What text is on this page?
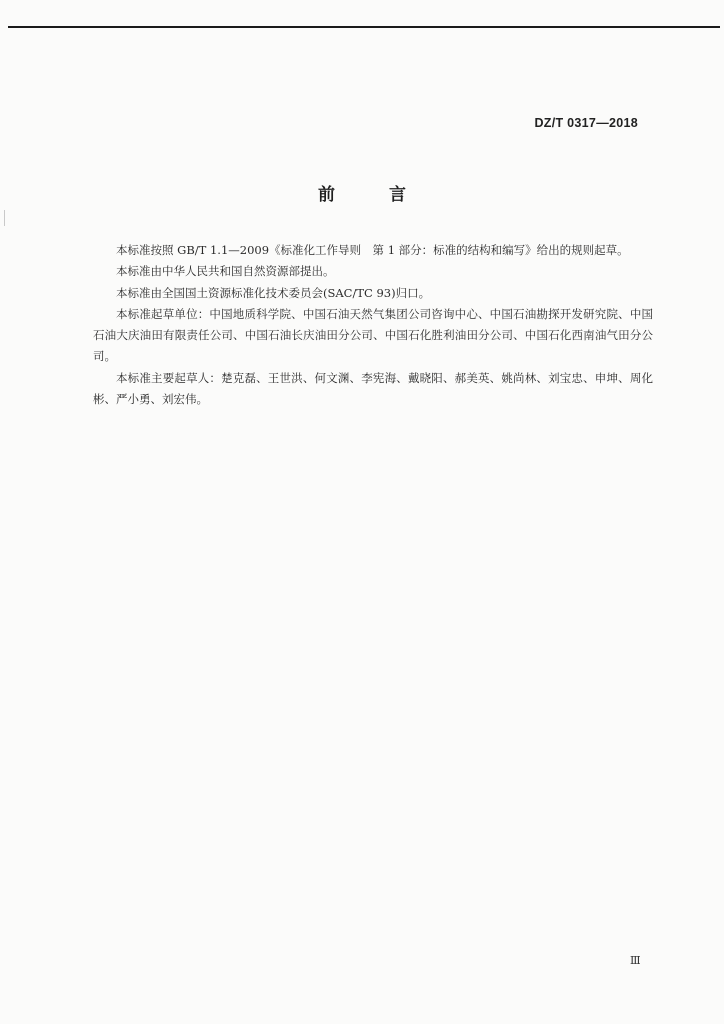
DZ/T 0317—2018
前 言

本标准按照 GB/T 1.1—2009《标准化工作导则　第 1 部分：标准的结构和编写》给出的规则起草。

本标准由中华人民共和国自然资源部提出。

本标准由全国国土资源标准化技术委员会(SAC/TC 93)归口。

本标准起草单位：中国地质科学院、中国石油天然气集团公司咨询中心、中国石油勘探开发研究院、中国石油大庆油田有限责任公司、中国石油长庆油田分公司、中国石化胜利油田分公司、中国石化西南油气田分公司。

本标准主要起草人：楚克磊、王世洪、何文渊、李宪海、戴晓阳、郝美英、姚尚林、刘宝忠、申坤、周化彬、严小勇、刘宏伟。

Ⅲ
